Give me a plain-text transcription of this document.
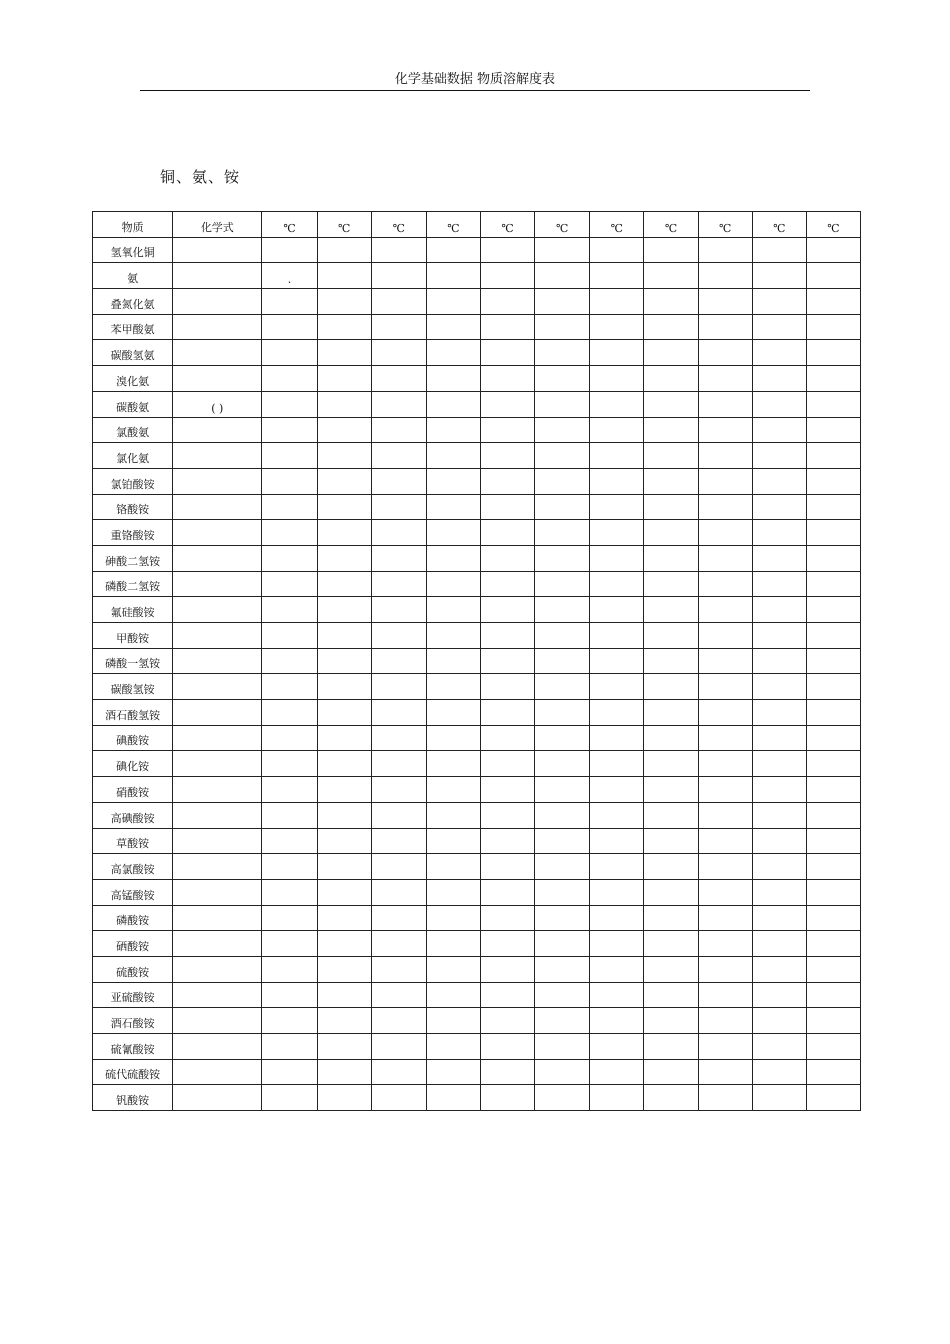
化学基础数据 物质溶解度表
铜、氨、铵
物质	化学式	℃	℃	℃	℃	℃	℃	℃	℃	℃	℃	℃
氢氧化铜												
氨		.										
叠氮化氨												
苯甲酸氨												
碳酸氢氨												
溴化氨												
碳酸氨	( )											
氯酸氨												
氯化氨												
氯铂酸铵												
铬酸铵												
重铬酸铵												
砷酸二氢铵												
磷酸二氢铵												
氟硅酸铵												
甲酸铵												
磷酸一氢铵												
碳酸氢铵												
酒石酸氢铵												
碘酸铵												
碘化铵												
硝酸铵												
高碘酸铵												
草酸铵												
高氯酸铵												
高锰酸铵												
磷酸铵												
硒酸铵												
硫酸铵												
亚硫酸铵												
酒石酸铵												
硫氰酸铵												
硫代硫酸铵												
钒酸铵												
